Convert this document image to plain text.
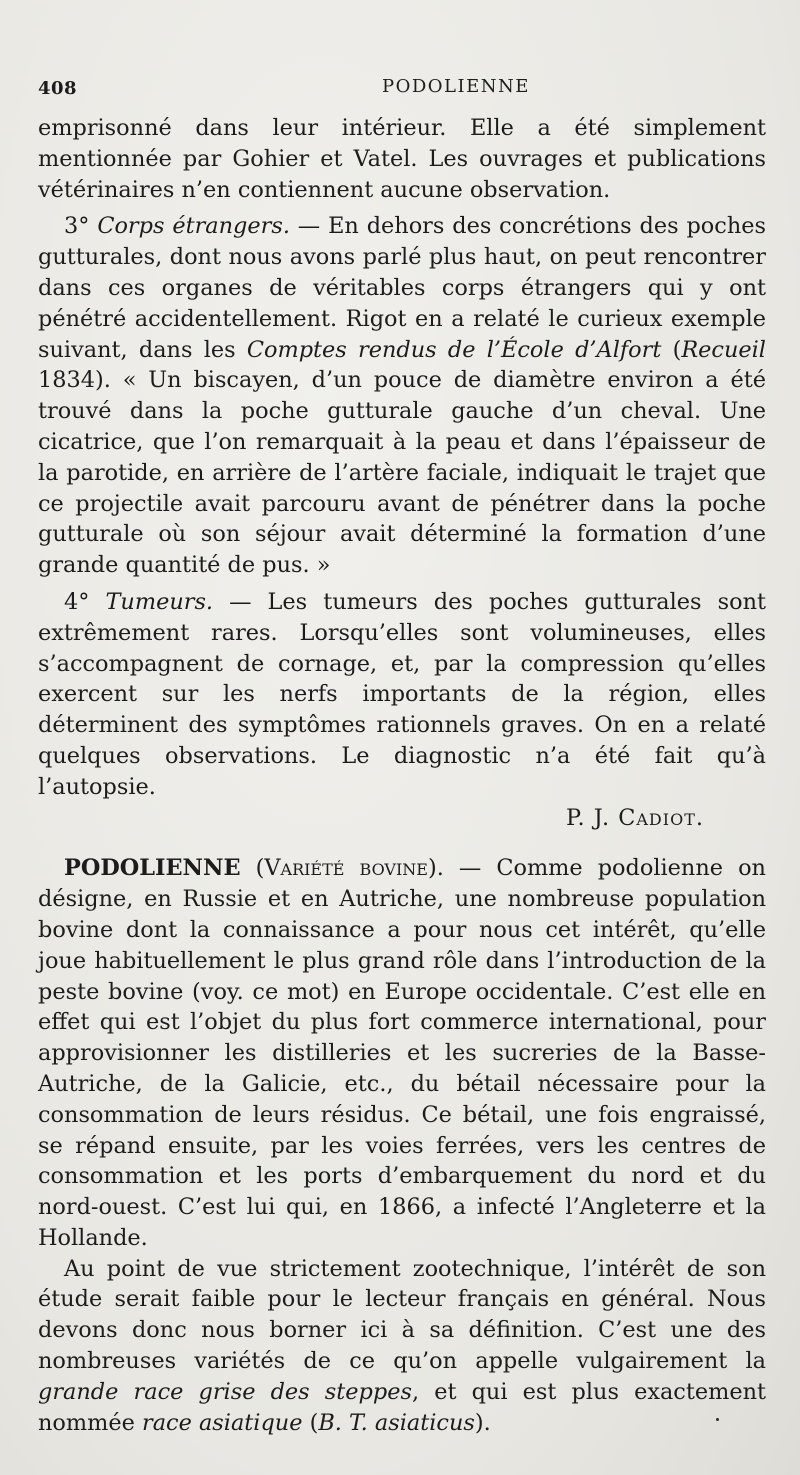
408	PODOLIENNE

emprisonné dans leur intérieur. Elle a été simplement mentionnée par Gohier et Vatel. Les ouvrages et publications vétérinaires n’en contiennent aucune observation.

3° Corps étrangers. — En dehors des concrétions des poches gutturales, dont nous avons parlé plus haut, on peut rencontrer dans ces organes de véritables corps étrangers qui y ont pénétré accidentellement. Rigot en a relaté le curieux exemple suivant, dans les Comptes rendus de l’École d’Alfort (Recueil 1834). « Un biscayen, d’un pouce de diamètre environ a été trouvé dans la poche gutturale gauche d’un cheval. Une cicatrice, que l’on remarquait à la peau et dans l’épaisseur de la parotide, en arrière de l’artère faciale, indiquait le trajet que ce projectile avait parcouru avant de pénétrer dans la poche gutturale où son séjour avait déterminé la formation d’une grande quantité de pus. »

4° Tumeurs. — Les tumeurs des poches gutturales sont extrêmement rares. Lorsqu’elles sont volumineuses, elles s’accompagnent de cornage, et, par la compression qu’elles exercent sur les nerfs importants de la région, elles déterminent des symptômes rationnels graves. On en a relaté quelques observations. Le diagnostic n’a été fait qu’à l’autopsie.

P. J. Cadiot.

PODOLIENNE (Variété bovine). — Comme podolienne on désigne, en Russie et en Autriche, une nombreuse population bovine dont la connaissance a pour nous cet intérêt, qu’elle joue habituellement le plus grand rôle dans l’introduction de la peste bovine (voy. ce mot) en Europe occidentale. C’est elle en effet qui est l’objet du plus fort commerce international, pour approvisionner les distilleries et les sucreries de la Basse-Autriche, de la Galicie, etc., du bétail nécessaire pour la consommation de leurs résidus. Ce bétail, une fois engraissé, se répand ensuite, par les voies ferrées, vers les centres de consommation et les ports d’embarquement du nord et du nord-ouest. C’est lui qui, en 1866, a infecté l’Angleterre et la Hollande.

Au point de vue strictement zootechnique, l’intérêt de son étude serait faible pour le lecteur français en général. Nous devons donc nous borner ici à sa définition. C’est une des nombreuses variétés de ce qu’on appelle vulgairement la grande race grise des steppes, et qui est plus exactement nommée race asiatique (B. T. asiaticus).
